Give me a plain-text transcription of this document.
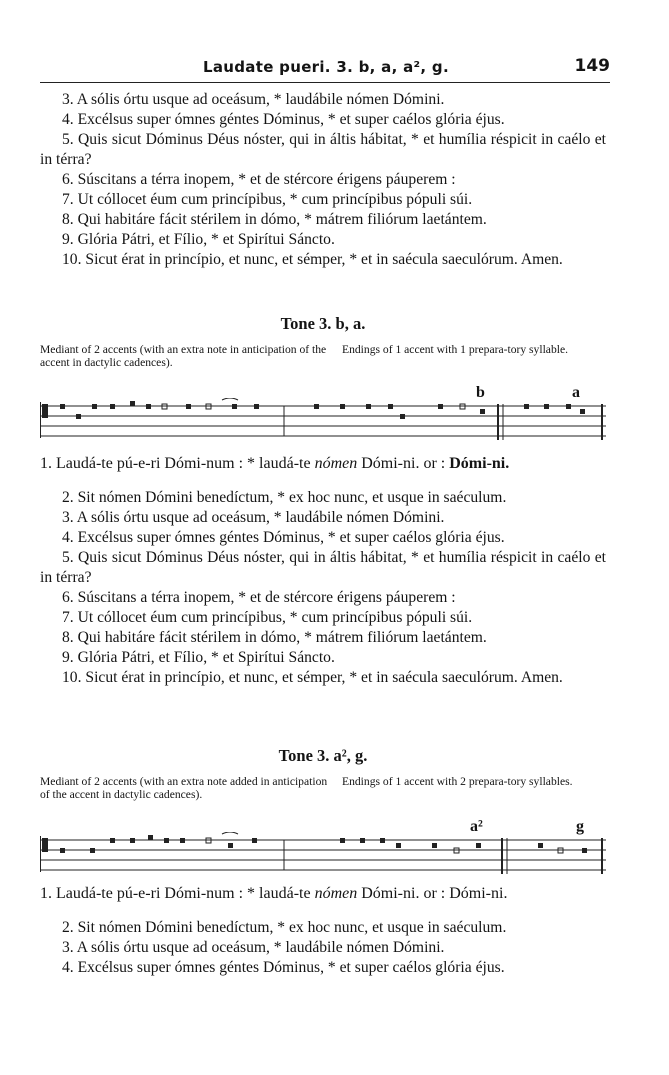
Laudate pueri. 3. b, a, a², g.	149

3. A sólis órtu usque ad oceásum, * laudábile nómen Dómini.

4. Excélsus super ómnes géntes Dóminus, * et super caélos glória éjus.

5. Quis sicut Dóminus Déus nóster, qui in áltis hábitat, * et humília réspicit in caélo et in térra?

6. Súscitans a térra inopem, * et de stércore érigens páuperem :

7. Ut cóllocet éum cum princípibus, * cum princípibus pópuli súi.

8. Qui habitáre fácit stérilem in dómo, * mátrem filiórum laetántem.

9. Glória Pátri, et Fílio, * et Spirítui Sáncto.

10. Sicut érat in princípio, et nunc, et sémper, * et in saécula saeculórum. Amen.

Tone 3. b, a.
Mediant of 2 accents (with an extra note in anticipation of the accent in dactylic cadences).
Endings of 1 accent with 1 prepara-tory syllable.
b	a

1. Laudá-te pú-e-ri Dómi-num : * laudá-te nómen Dómi-ni. or : Dómi-ni.

2. Sit nómen Dómini benedíctum, * ex hoc nunc, et usque in saéculum.

3. A sólis órtu usque ad oceásum, * laudábile nómen Dómini.

4. Excélsus super ómnes géntes Dóminus, * et super caélos glória éjus.

5. Quis sicut Dóminus Déus nóster, qui in áltis hábitat, * et humília réspicit in caélo et in térra?

6. Súscitans a térra inopem, * et de stércore érigens páuperem :

7. Ut cóllocet éum cum princípibus, * cum princípibus pópuli súi.

8. Qui habitáre fácit stérilem in dómo, * mátrem filiórum laetántem.

9. Glória Pátri, et Fílio, * et Spirítui Sáncto.

10. Sicut érat in princípio, et nunc, et sémper, * et in saécula saeculórum. Amen.

Tone 3. a², g.
Mediant of 2 accents (with an extra note added in anticipation of the accent in dactylic cadences).
Endings of 1 accent with 2 prepara-tory syllables.
a²	g

1. Laudá-te pú-e-ri Dómi-num : * laudá-te nómen Dómi-ni. or : Dómi-ni.

2. Sit nómen Dómini benedíctum, * ex hoc nunc, et usque in saéculum.

3. A sólis órtu usque ad oceásum, * laudábile nómen Dómini.

4. Excélsus super ómnes géntes Dóminus, * et super caélos glória éjus.
